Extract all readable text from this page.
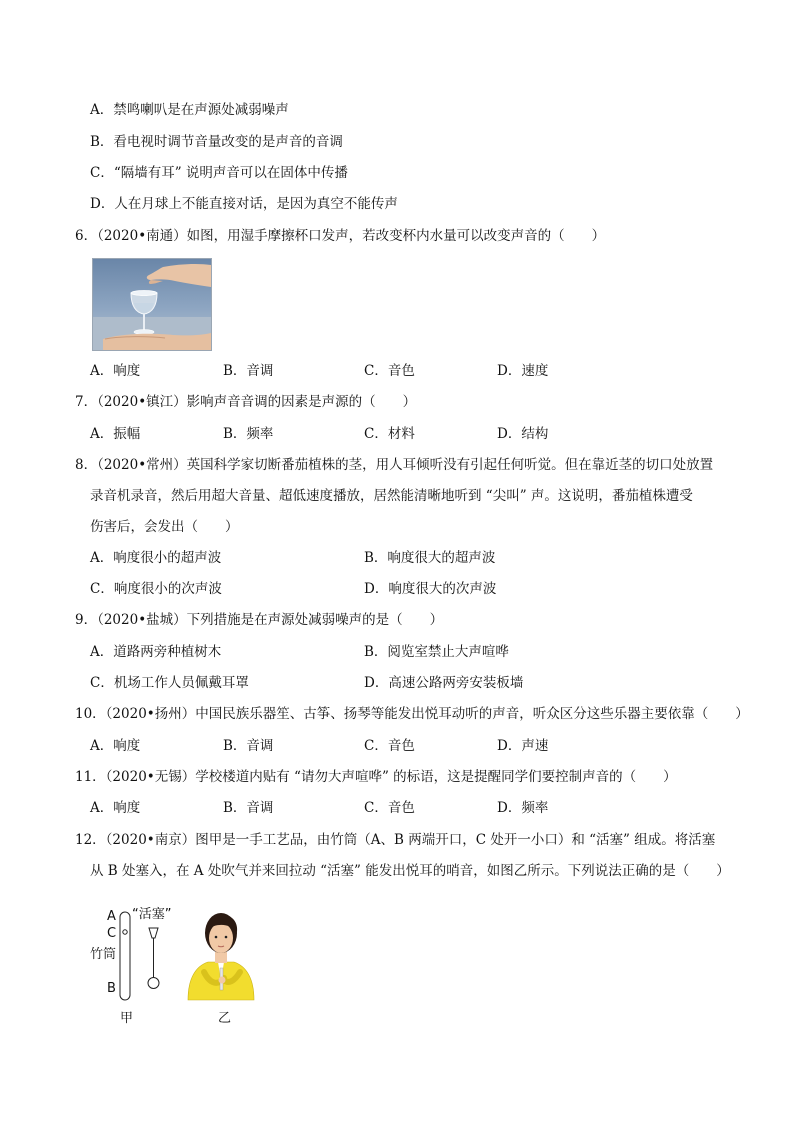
A．禁鸣喇叭是在声源处减弱噪声
B．看电视时调节音量改变的是声音的音调
C．“隔墙有耳” 说明声音可以在固体中传播
D．人在月球上不能直接对话，是因为真空不能传声
6．（2020•南通）如图，用湿手摩擦杯口发声，若改变杯内水量可以改变声音的（　　）
A．响度	B．音调	C．音色	D．速度
7．（2020•镇江）影响声音音调的因素是声源的（　　）
A．振幅	B．频率	C．材料	D．结构
8．（2020•常州）英国科学家切断番茄植株的茎，用人耳倾听没有引起任何听觉。但在靠近茎的切口处放置
录音机录音，然后用超大音量、超低速度播放，居然能清晰地听到 “尖叫” 声。这说明，番茄植株遭受
伤害后，会发出（　　）
A．响度很小的超声波	B．响度很大的超声波
C．响度很小的次声波	D．响度很大的次声波
9．（2020•盐城）下列措施是在声源处减弱噪声的是（　　）
A．道路两旁种植树木	B．阅览室禁止大声喧哗
C．机场工作人员佩戴耳罩	D．高速公路两旁安装板墙
10．（2020•扬州）中国民族乐器笙、古筝、扬琴等能发出悦耳动听的声音，听众区分这些乐器主要依靠（　　）
A．响度	B．音调	C．音色	D．声速
11．（2020•无锡）学校楼道内贴有 “请勿大声喧哗” 的标语，这是提醒同学们要控制声音的（　　）
A．响度	B．音调	C．音色	D．频率
12．（2020•南京）图甲是一手工艺品，由竹筒（A、B 两端开口，C 处开一小口）和 “活塞” 组成。将活塞
从 B 处塞入，在 A 处吹气并来回拉动 “活塞” 能发出悦耳的哨音，如图乙所示。下列说法正确的是（　　）
A
C
竹筒
B
“活塞”
甲	乙
